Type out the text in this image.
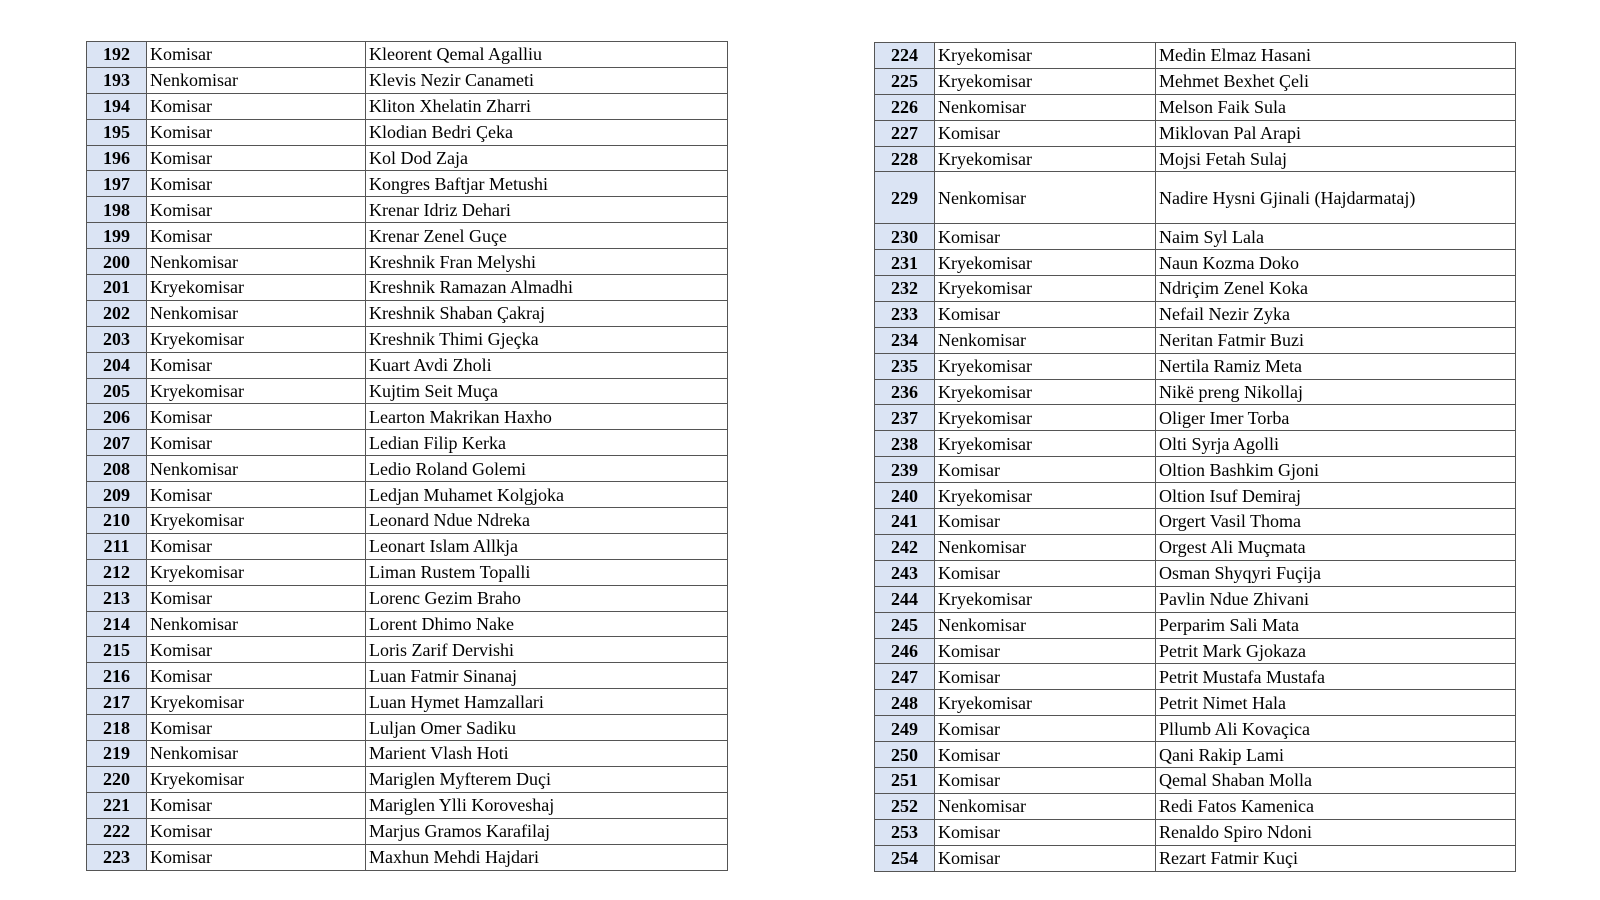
192	Komisar	Kleorent Qemal Agalliu
193	Nenkomisar	Klevis Nezir Canameti
194	Komisar	Kliton Xhelatin Zharri
195	Komisar	Klodian Bedri Çeka
196	Komisar	Kol Dod Zaja
197	Komisar	Kongres Baftjar Metushi
198	Komisar	Krenar Idriz Dehari
199	Komisar	Krenar Zenel Guçe
200	Nenkomisar	Kreshnik Fran Melyshi
201	Kryekomisar	Kreshnik Ramazan Almadhi
202	Nenkomisar	Kreshnik Shaban Çakraj
203	Kryekomisar	Kreshnik Thimi Gjeçka
204	Komisar	Kuart Avdi Zholi
205	Kryekomisar	Kujtim Seit Muça
206	Komisar	Learton Makrikan Haxho
207	Komisar	Ledian Filip Kerka
208	Nenkomisar	Ledio Roland Golemi
209	Komisar	Ledjan Muhamet Kolgjoka
210	Kryekomisar	Leonard Ndue Ndreka
211	Komisar	Leonart Islam Allkja
212	Kryekomisar	Liman Rustem Topalli
213	Komisar	Lorenc Gezim Braho
214	Nenkomisar	Lorent Dhimo Nake
215	Komisar	Loris Zarif Dervishi
216	Komisar	Luan Fatmir Sinanaj
217	Kryekomisar	Luan Hymet Hamzallari
218	Komisar	Luljan Omer Sadiku
219	Nenkomisar	Marient Vlash Hoti
220	Kryekomisar	Mariglen Myfterem Duçi
221	Komisar	Mariglen Ylli Koroveshaj
222	Komisar	Marjus Gramos Karafilaj
223	Komisar	Maxhun Mehdi Hajdari
224	Kryekomisar	Medin Elmaz Hasani
225	Kryekomisar	Mehmet Bexhet Çeli
226	Nenkomisar	Melson Faik Sula
227	Komisar	Miklovan Pal Arapi
228	Kryekomisar	Mojsi Fetah Sulaj
229	Nenkomisar	Nadire Hysni Gjinali (Hajdarmataj)
230	Komisar	Naim Syl Lala
231	Kryekomisar	Naun Kozma Doko
232	Kryekomisar	Ndriçim Zenel Koka
233	Komisar	Nefail Nezir Zyka
234	Nenkomisar	Neritan Fatmir Buzi
235	Kryekomisar	Nertila Ramiz Meta
236	Kryekomisar	Nikë preng Nikollaj
237	Kryekomisar	Oliger Imer Torba
238	Kryekomisar	Olti Syrja Agolli
239	Komisar	Oltion Bashkim Gjoni
240	Kryekomisar	Oltion Isuf Demiraj
241	Komisar	Orgert Vasil Thoma
242	Nenkomisar	Orgest Ali Muçmata
243	Komisar	Osman Shyqyri Fuçija
244	Kryekomisar	Pavlin Ndue Zhivani
245	Nenkomisar	Perparim Sali Mata
246	Komisar	Petrit Mark Gjokaza
247	Komisar	Petrit Mustafa Mustafa
248	Kryekomisar	Petrit Nimet Hala
249	Komisar	Pllumb Ali Kovaçica
250	Komisar	Qani Rakip Lami
251	Komisar	Qemal Shaban Molla
252	Nenkomisar	Redi Fatos Kamenica
253	Komisar	Renaldo Spiro Ndoni
254	Komisar	Rezart Fatmir Kuçi
